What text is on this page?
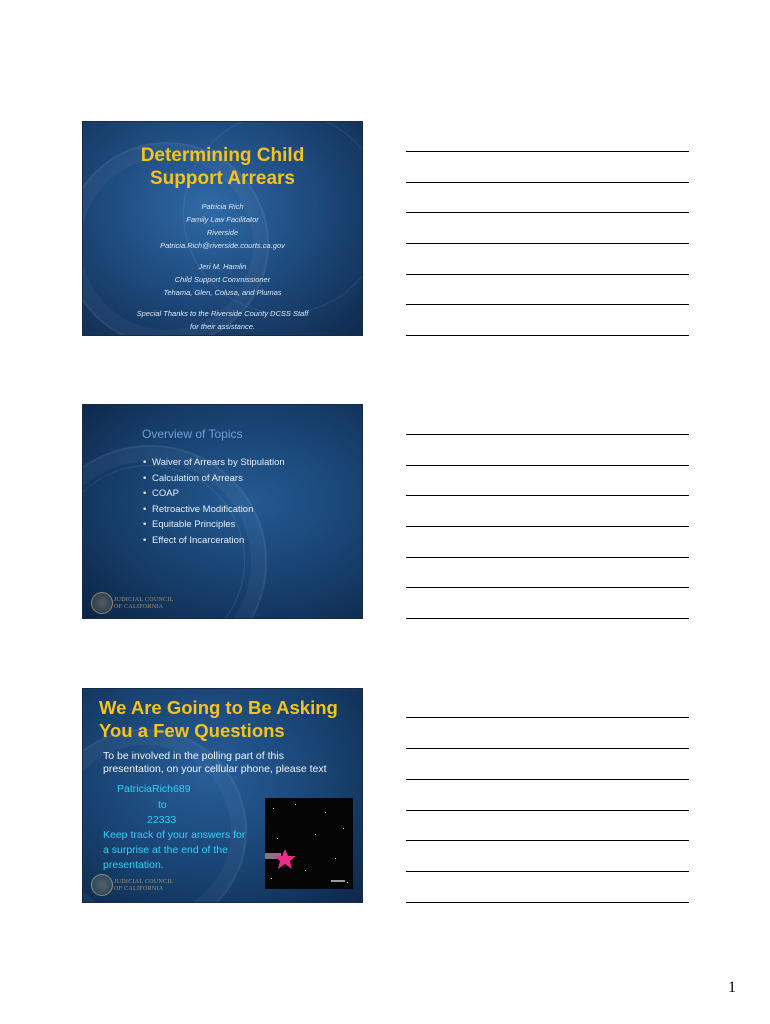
Determining Child
Support Arrears
Patricia Rich
Family Law Facilitator
Riverside
Patricia.Rich@riverside.courts.ca.gov
Jeri M. Hamlin
Child Support Commissioner
Tehama, Glen, Colusa, and Plumas
Special Thanks to the Riverside County DCSS Staff
for their assistance.
Overview of Topics
• Waiver of Arrears by Stipulation
• Calculation of Arrears
• COAP
• Retroactive Modification
• Equitable Principles
• Effect of Incarceration
JUDICIAL COUNCIL
OF CALIFORNIA
We Are Going to Be Asking
You a Few Questions
To be involved in the polling part of this
presentation, on your cellular phone, please text
PatriciaRich689
to
22333
Keep track of your answers for
a surprise at the end of the
presentation.
JUDICIAL COUNCIL
OF CALIFORNIA
1
